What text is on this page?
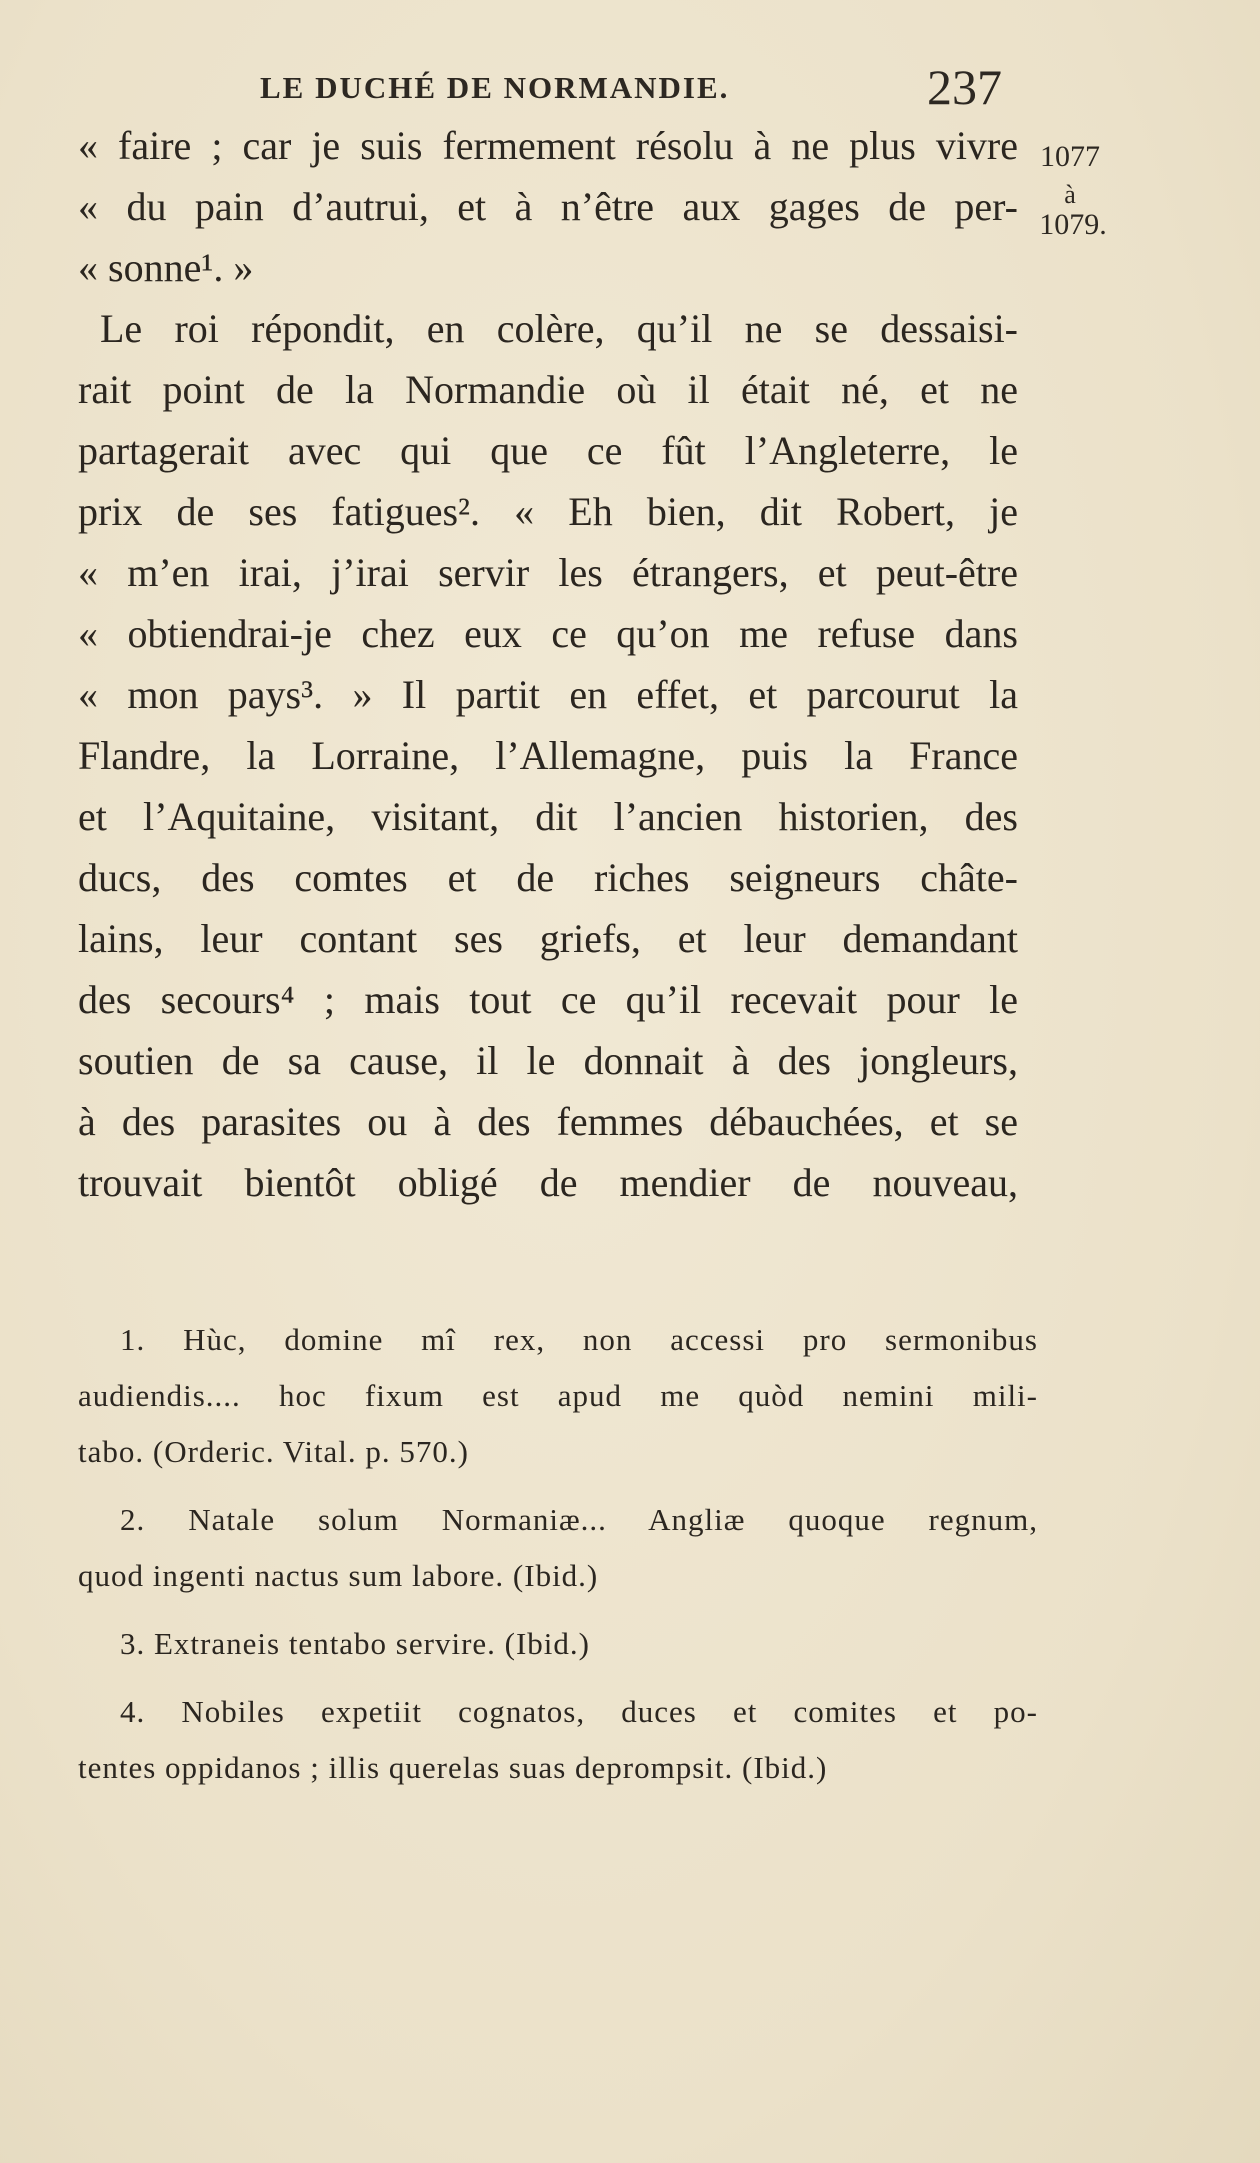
LE DUCHÉ DE NORMANDIE.	237
1077
à
1079.
« faire ; car je suis fermement résolu à ne plus vivre
« du pain d’autrui, et à n’être aux gages de per-
« sonne¹. »
Le roi répondit, en colère, qu’il ne se dessaisi-
rait point de la Normandie où il était né, et ne
partagerait avec qui que ce fût l’Angleterre, le
prix de ses fatigues². « Eh bien, dit Robert, je
« m’en irai, j’irai servir les étrangers, et peut-être
« obtiendrai-je chez eux ce qu’on me refuse dans
« mon pays³. » Il partit en effet, et parcourut la
Flandre, la Lorraine, l’Allemagne, puis la France
et l’Aquitaine, visitant, dit l’ancien historien, des
ducs, des comtes et de riches seigneurs châte-
lains, leur contant ses griefs, et leur demandant
des secours⁴ ; mais tout ce qu’il recevait pour le
soutien de sa cause, il le donnait à des jongleurs,
à des parasites ou à des femmes débauchées, et se
trouvait bientôt obligé de mendier de nouveau,
1. Hùc, domine mî rex, non accessi pro sermonibus
audiendis.... hoc fixum est apud me quòd nemini mili-
tabo. (Orderic. Vital. p. 570.)
2. Natale solum Normaniæ... Angliæ quoque regnum,
quod ingenti nactus sum labore. (Ibid.)
3. Extraneis tentabo servire. (Ibid.)
4. Nobiles expetiit cognatos, duces et comites et po-
tentes oppidanos ; illis querelas suas deprompsit. (Ibid.)
